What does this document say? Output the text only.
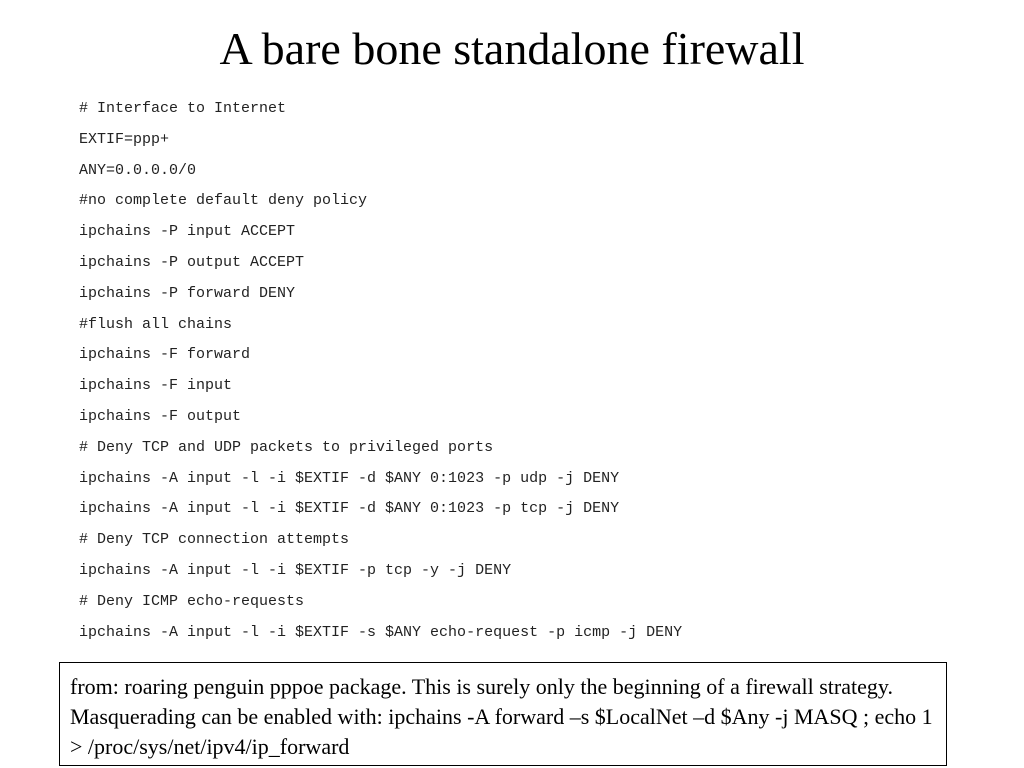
A bare bone standalone firewall
# Interface to Internet
EXTIF=ppp+
ANY=0.0.0.0/0
#no complete default deny policy
ipchains -P input ACCEPT
ipchains -P output ACCEPT
ipchains -P forward DENY
#flush all chains
ipchains -F forward
ipchains -F input
ipchains -F output
# Deny TCP and UDP packets to privileged ports
ipchains -A input -l -i $EXTIF -d $ANY 0:1023 -p udp -j DENY
ipchains -A input -l -i $EXTIF -d $ANY 0:1023 -p tcp -j DENY
# Deny TCP connection attempts
ipchains -A input -l -i $EXTIF -p tcp -y -j DENY
# Deny ICMP echo-requests
ipchains -A input -l -i $EXTIF -s $ANY echo-request -p icmp -j DENY
from: roaring penguin pppoe package. This is surely only the beginning of a firewall strategy. Masquerading can be enabled with: ipchains -A forward –s $LocalNet –d $Any -j MASQ ; echo 1 > /proc/sys/net/ipv4/ip_forward
